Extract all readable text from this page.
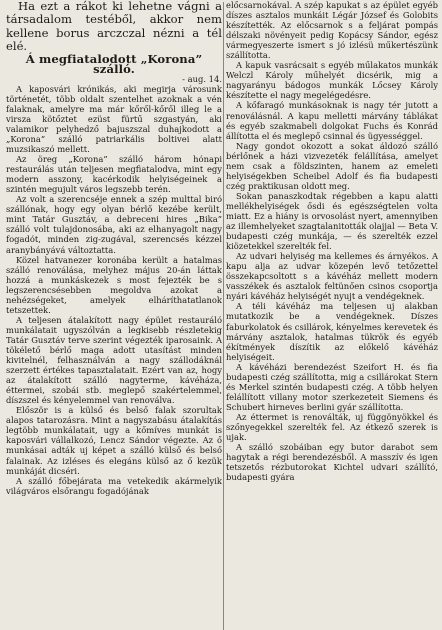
Ha ezt a rákot ki lehetne vágni a társadalom testéből, akkor nem kellene borus arczczal nézni a tél elé.

Á megfiatalodott „Korona” szálló.

- aug. 14.

A kaposvári krónikás, aki megirja városunk történetét, több oldalt szentelhet azoknak a vén falaknak, amelyre ma már kőről-kőről illeg le a virsza kötőztet ezüst fürtű szgastyán, aki valamikor pelyhedző bajuszszal duhajkodott a „Korona” szálló patriarkális boltivei alatt muzsikaszó mellett.

Az öreg „Korona” szálló három hónapi restaurálás után teljesen megfiatalodva, mint egy modern asszony, kacérkodik helyiségeinek a szintén megujult város legszebb terén.

Az volt a szerencséje ennek a szép multtal biró szállónak, hogy egy olyan bérlő kezébe került, mint Tatár Gusztáv, a debreceni hires „Bika” szálló volt tulajdonosába, aki az elhanyagolt nagy fogadót, minden zig-zugával, szerencsés kézzel aranybányává változtatta.

Közel hatvanezer koronába került a hatalmas szálló renoválása, melyhez május 20-án láttak hozzá a munkáskezek s most fejezték be s legszerencsésebben megoldva azokat a nehézségeket, amelyek elháríthatatlanok tetszettek.

A teljesen átalakított nagy épület restauráló munkálatait ugyszólván a legkisebb részletekig Tatár Gusztáv terve szerint végezték iparosaink. A tökélető bérlő maga adott utasítást minden kivitelnél, felhasználván a nagy szállodáknál szerzett értékes tapasztalatait. Ezért van az, hogy az átalakított szálló nagyterme, kávéháza, éttermei, szobái stb. meglepő szakértelemmel, díszszel és kényelemmel van renoválva.

Először is a külső és belső falak szorultak alapos tatarozásra. Mint a nagyszabásu átalakítás legtöbb munkálatait, ugy a kőmíves munkát is kaposvári vállalkozó, Lencz Sándor végezte. Az ő munkásai adták uj képet a szálló külső és belső falainak. Az izléses és elegáns külső az ő kezük munkáját dicséri.

A szálló főbejárata ma vetekedik akármelyik világváros elsőrangu fogadójának

előcsarnokával. A szép kapukat s az épület egyéb díszes asztalos munkáit Légár József és Golobits készítették. Az előcsarnok s a feljárat pompás délszaki növényeit pedig Kopácsy Sándor, egész vármegyeszerte ismert s jó izlésü műkertészünk szállította.

A kapuk vasrácsait s egyéb műlakatos munkák Welczl Károly műhelyét dicsérik, mig a nagyarányu bádogos munkák Lőcsey Károly készítette el nagy megelégedésre.

A kőfaragó munkásoknak is nagy tér jutott a renoválásnál. A kapu melletti márvány táblákat és egyéb szakmabeli dolgokat Fuchs és Konrád állította el és meglepő csinnal és ügyességgel.

Nagy gondot okozott a sokat áldozó szálló bérlőnek a házi vizvezeték felállítása, amelyet nem csak a földszinten, hanem az emeleti helyiségekben Scheibel Adolf és fia budapesti czég praktikusan oldott meg.

Sokan panaszkodtak régebben a kapu alatti mellékhelyiségek ősdi és egészségtelen volta miatt. Ez a hiány is orvosolást nyert, amennyiben az illemhelyeket szagtalanitották olajjal — Beta V. budapesti czég munkája, — és szerelték ezzel kiözetekkel szerelték fel.

Az udvari helyiség ma kellemes és árnyékos. A kapu alja az udvar közepén levő tetőzettel összekapcsoltott s a kávéház mellett modern vasszékek és asztalok feltünően csinos csoportja nyári kávéház helyiségét nyujt a vendégeknek.

A téli kávéház ma teljesen uj alakban mutatkozik be a vendégeknek. Díszes faburkolatok és csillárok, kényelmes kerevetek és márvány asztalok, hatalmas tükrök és egyéb ékítmények díszítik az előkelő kávéház helyiségeit.

A kávéházi berendezést Szeifort H. és fia budapesti czég szállította, mig a csillárokat Stern és Merkel szintén budapesti czég. A több helyen felállított villany motor szerkezeteit Siemens és Schubert hirneves berlini gyár szállította.

Az éttermet is renoválták, uj függönyökkel és szőnyegekkel szerelték fel. Az étkező szerek is ujak.

A szálló szobáiban egy butor darabot sem hagytak a régi berendezésből. A masszív és igen tetszetős rézbutorokat Kichtel udvari szállító, budapesti gyára
